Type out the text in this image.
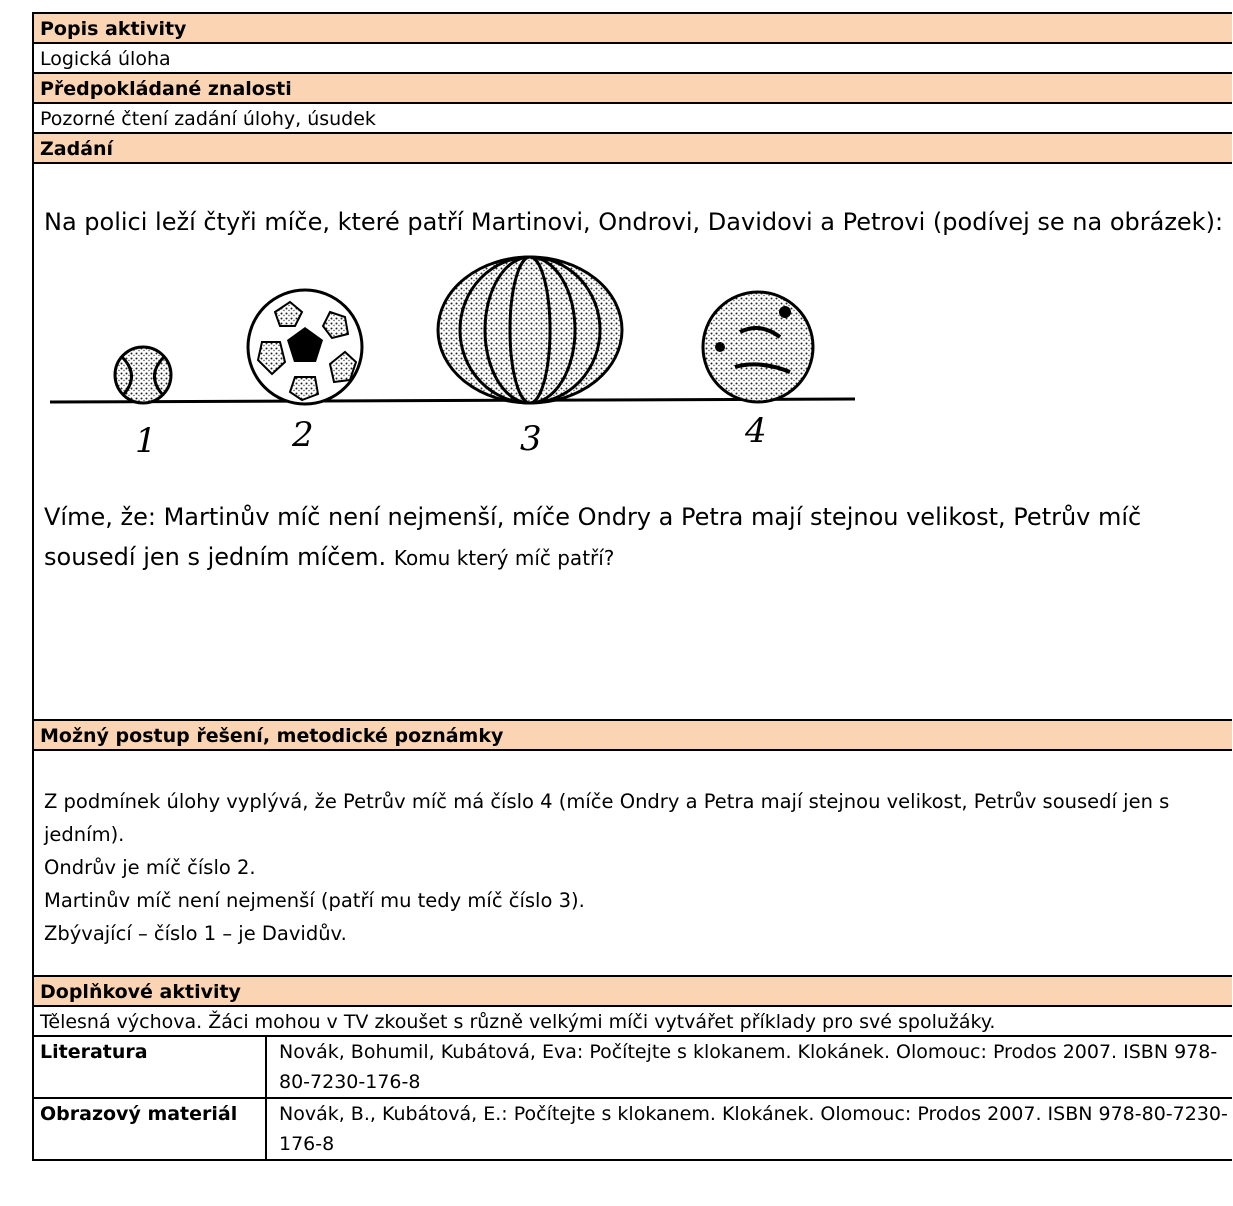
Popis aktivity
Logická úloha
Předpokládané znalosti
Pozorné čtení zadání úlohy, úsudek
Zadání
Na polici leží čtyři míče, které patří Martinovi, Ondrovi, Davidovi a Petrovi (podívej se na obrázek):
1	2	3	4
Víme, že: Martinův míč není nejmenší, míče Ondry a Petra mají stejnou velikost, Petrův míč sousedí jen s jedním míčem. Komu který míč patří?
Možný postup řešení, metodické poznámky
Z podmínek úlohy vyplývá, že Petrův míč má číslo 4 (míče Ondry a Petra mají stejnou velikost, Petrův sousedí jen s jedním).
Ondrův je míč číslo 2.
Martinův míč není nejmenší (patří mu tedy míč číslo 3).
Zbývající – číslo 1 – je Davidův.
Doplňkové aktivity
Tělesná výchova. Žáci mohou v TV zkoušet s různě velkými míči vytvářet příklady pro své spolužáky.
Literatura	Novák, Bohumil, Kubátová, Eva: Počítejte s klokanem. Klokánek. Olomouc: Prodos 2007. ISBN 978-80-7230-176-8
Obrazový materiál	Novák, B., Kubátová, E.: Počítejte s klokanem. Klokánek. Olomouc: Prodos 2007. ISBN 978-80-7230-176-8
